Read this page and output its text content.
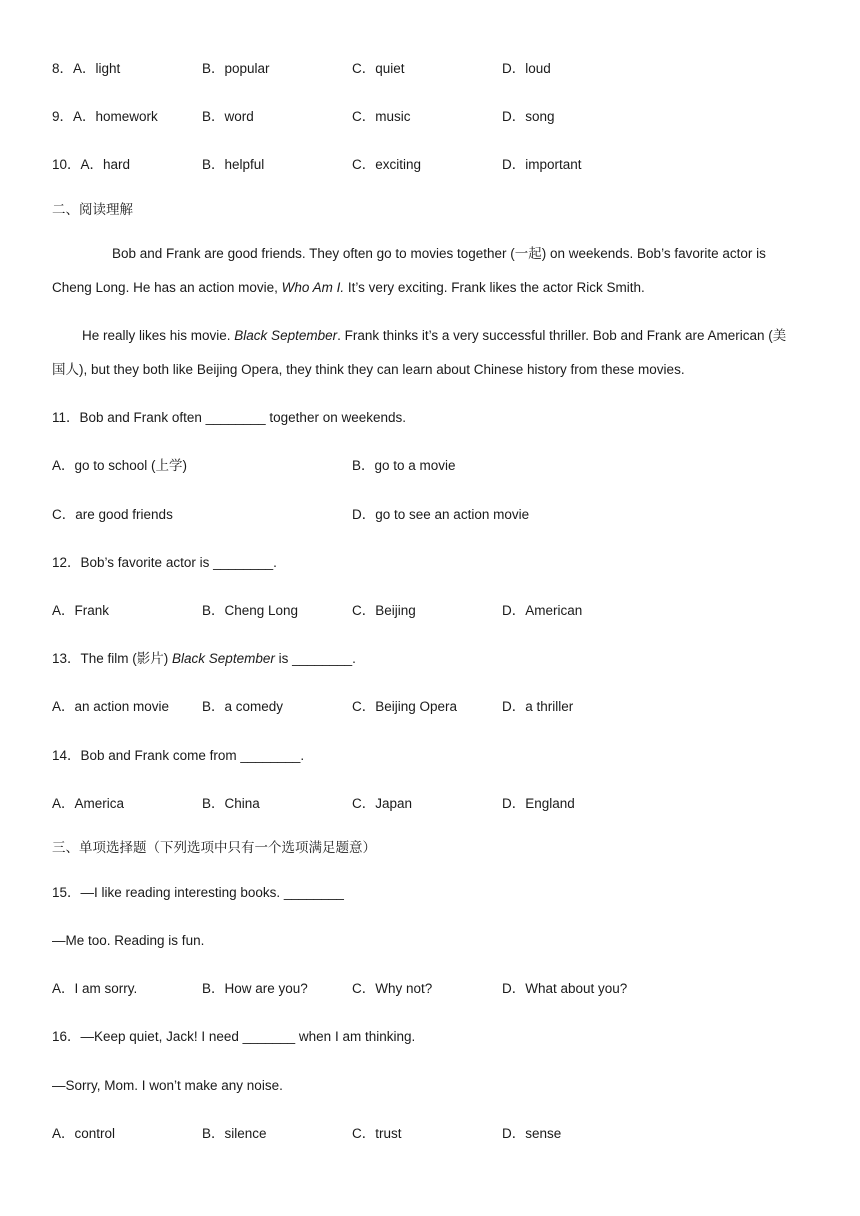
8．A．light	B．popular	C．quiet	D．loud
9．A．homework	B．word	C．music	D．song
10．A．hard	B．helpful	C．exciting	D．important
二、阅读理解
Bob and Frank are good friends. They often go to movies together (一起) on weekends. Bob’s favorite actor is
Cheng Long. He has an action movie, Who Am I. It’s very exciting. Frank likes the actor Rick Smith.
He really likes his movie. Black September. Frank thinks it’s a very successful thriller. Bob and Frank are American (美
国人), but they both like Beijing Opera, they think they can learn about Chinese history from these movies.
11．Bob and Frank often ________ together on weekends.
A．go to school (上学)	B．go to a movie
C．are good friends	D．go to see an action movie
12．Bob’s favorite actor is ________.
A．Frank	B．Cheng Long	C．Beijing	D．American
13．The film (影片) Black September is ________.
A．an action movie B．a comedy	C．Beijing Opera	D．a thriller
14．Bob and Frank come from ________.
A．America	B．China	C．Japan	D．England
三、单项选择题（下列选项中只有一个选项满足题意）
15．—I like reading interesting books. ________
—Me too. Reading is fun.
A．I am sorry.	B．How are you?	C．Why not?	D．What about you?
16．—Keep quiet, Jack! I need _______ when I am thinking.
—Sorry, Mom. I won’t make any noise.
A．control	B．silence	C．trust	D．sense
